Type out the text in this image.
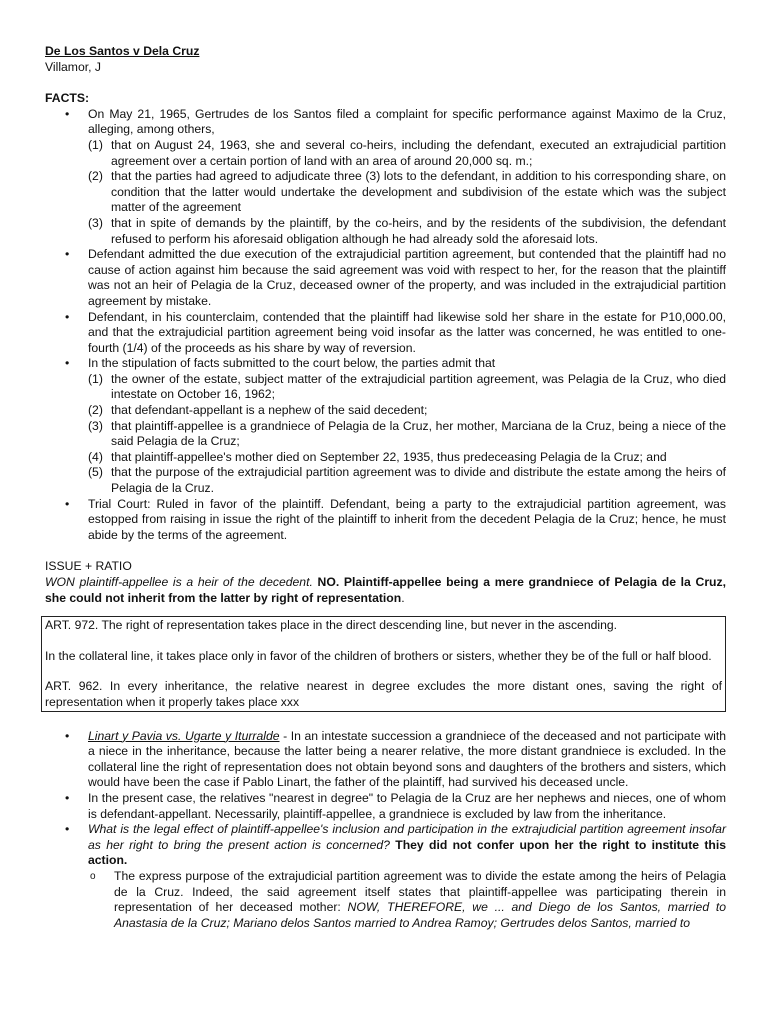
De Los Santos v Dela Cruz
Villamor, J
FACTS:
• On May 21, 1965, Gertrudes de los Santos filed a complaint for specific performance against Maximo de la Cruz, alleging, among others,
(1) that on August 24, 1963, she and several co-heirs, including the defendant, executed an extrajudicial partition agreement over a certain portion of land with an area of around 20,000 sq. m.;
(2) that the parties had agreed to adjudicate three (3) lots to the defendant, in addition to his corresponding share, on condition that the latter would undertake the development and subdivision of the estate which was the subject matter of the agreement
(3) that in spite of demands by the plaintiff, by the co-heirs, and by the residents of the subdivision, the defendant refused to perform his aforesaid obligation although he had already sold the aforesaid lots.
• Defendant admitted the due execution of the extrajudicial partition agreement, but contended that the plaintiff had no cause of action against him because the said agreement was void with respect to her, for the reason that the plaintiff was not an heir of Pelagia de la Cruz, deceased owner of the property, and was included in the extrajudicial partition agreement by mistake.
• Defendant, in his counterclaim, contended that the plaintiff had likewise sold her share in the estate for P10,000.00, and that the extrajudicial partition agreement being void insofar as the latter was concerned, he was entitled to one-fourth (1/4) of the proceeds as his share by way of reversion.
• In the stipulation of facts submitted to the court below, the parties admit that
(1) the owner of the estate, subject matter of the extrajudicial partition agreement, was Pelagia de la Cruz, who died intestate on October 16, 1962;
(2) that defendant-appellant is a nephew of the said decedent;
(3) that plaintiff-appellee is a grandniece of Pelagia de la Cruz, her mother, Marciana de la Cruz, being a niece of the said Pelagia de la Cruz;
(4) that plaintiff-appellee's mother died on September 22, 1935, thus predeceasing Pelagia de la Cruz; and
(5) that the purpose of the extrajudicial partition agreement was to divide and distribute the estate among the heirs of Pelagia de la Cruz.
• Trial Court: Ruled in favor of the plaintiff. Defendant, being a party to the extrajudicial partition agreement, was estopped from raising in issue the right of the plaintiff to inherit from the decedent Pelagia de la Cruz; hence, he must abide by the terms of the agreement.
ISSUE + RATIO
WON plaintiff-appellee is a heir of the decedent. NO. Plaintiff-appellee being a mere grandniece of Pelagia de la Cruz, she could not inherit from the latter by right of representation.

ART. 972. The right of representation takes place in the direct descending line, but never in the ascending.

In the collateral line, it takes place only in favor of the children of brothers or sisters, whether they be of the full or half blood.

ART. 962. In every inheritance, the relative nearest in degree excludes the more distant ones, saving the right of representation when it properly takes place xxx

• Linart y Pavia vs. Ugarte y Iturralde - In an intestate succession a grandniece of the deceased and not participate with a niece in the inheritance, because the latter being a nearer relative, the more distant grandniece is excluded. In the collateral line the right of representation does not obtain beyond sons and daughters of the brothers and sisters, which would have been the case if Pablo Linart, the father of the plaintiff, had survived his deceased uncle.
• In the present case, the relatives "nearest in degree" to Pelagia de la Cruz are her nephews and nieces, one of whom is defendant-appellant. Necessarily, plaintiff-appellee, a grandniece is excluded by law from the inheritance.
• What is the legal effect of plaintiff-appellee's inclusion and participation in the extrajudicial partition agreement insofar as her right to bring the present action is concerned? They did not confer upon her the right to institute this action.
o The express purpose of the extrajudicial partition agreement was to divide the estate among the heirs of Pelagia de la Cruz. Indeed, the said agreement itself states that plaintiff-appellee was participating therein in representation of her deceased mother: NOW, THEREFORE, we ... and Diego de los Santos, married to Anastasia de la Cruz; Mariano delos Santos married to Andrea Ramoy; Gertrudes delos Santos, married to
